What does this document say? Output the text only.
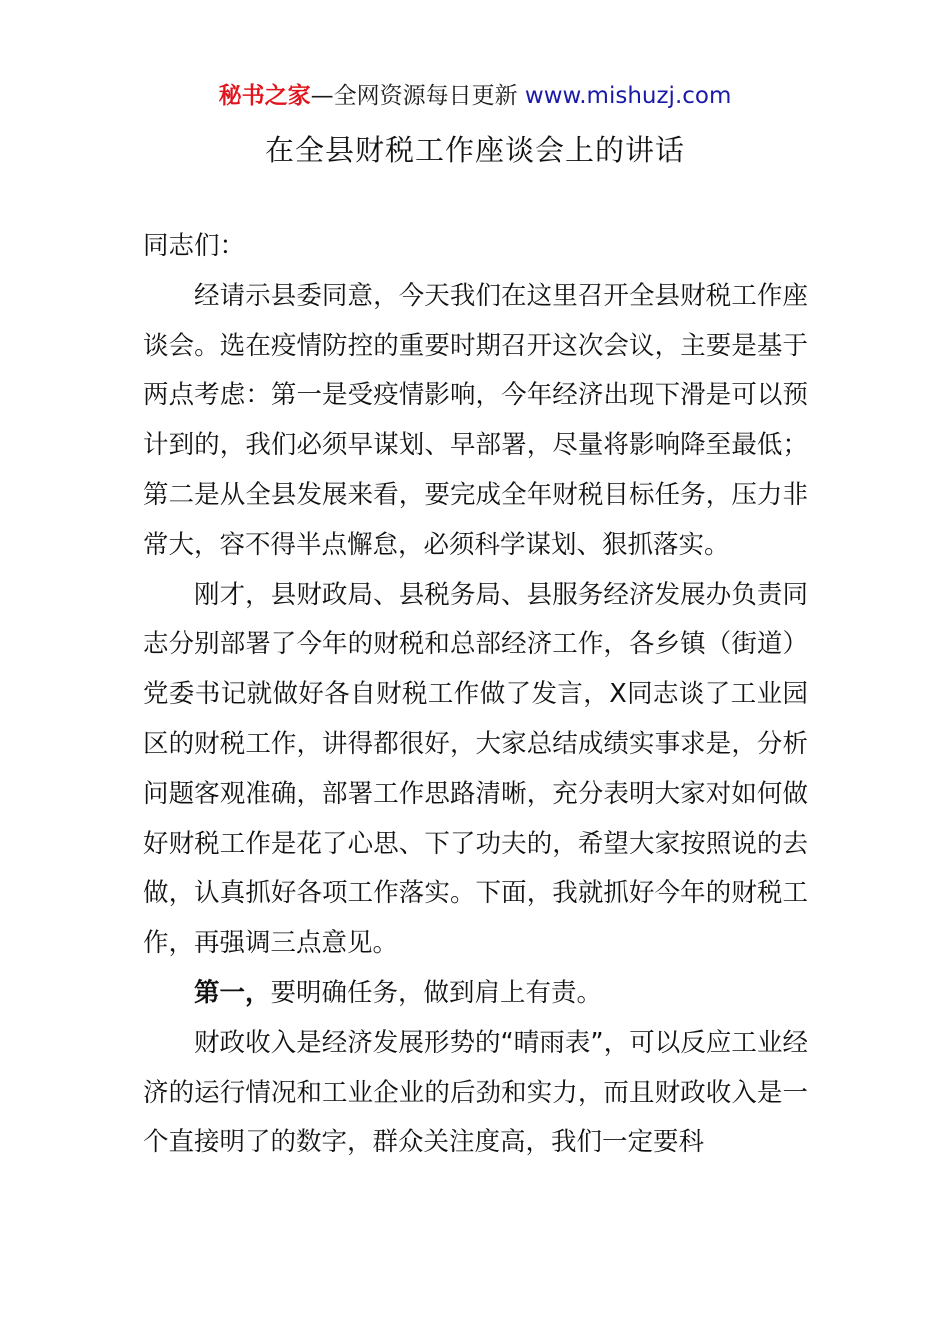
秘书之家—全网资源每日更新 www.mishuzj.com
在全县财税工作座谈会上的讲话

同志们：

经请示县委同意，今天我们在这里召开全县财税工作座谈会。选在疫情防控的重要时期召开这次会议，主要是基于两点考虑：第一是受疫情影响，今年经济出现下滑是可以预计到的，我们必须早谋划、早部署，尽量将影响降至最低；第二是从全县发展来看，要完成全年财税目标任务，压力非常大，容不得半点懈怠，必须科学谋划、狠抓落实。

刚才，县财政局、县税务局、县服务经济发展办负责同志分别部署了今年的财税和总部经济工作，各乡镇（街道）党委书记就做好各自财税工作做了发言，X同志谈了工业园区的财税工作，讲得都很好，大家总结成绩实事求是，分析问题客观准确，部署工作思路清晰，充分表明大家对如何做好财税工作是花了心思、下了功夫的，希望大家按照说的去做，认真抓好各项工作落实。下面，我就抓好今年的财税工作，再强调三点意见。

第一，要明确任务，做到肩上有责。

财政收入是经济发展形势的“晴雨表”，可以反应工业经济的运行情况和工业企业的后劲和实力，而且财政收入是一个直接明了的数字，群众关注度高，我们一定要科
